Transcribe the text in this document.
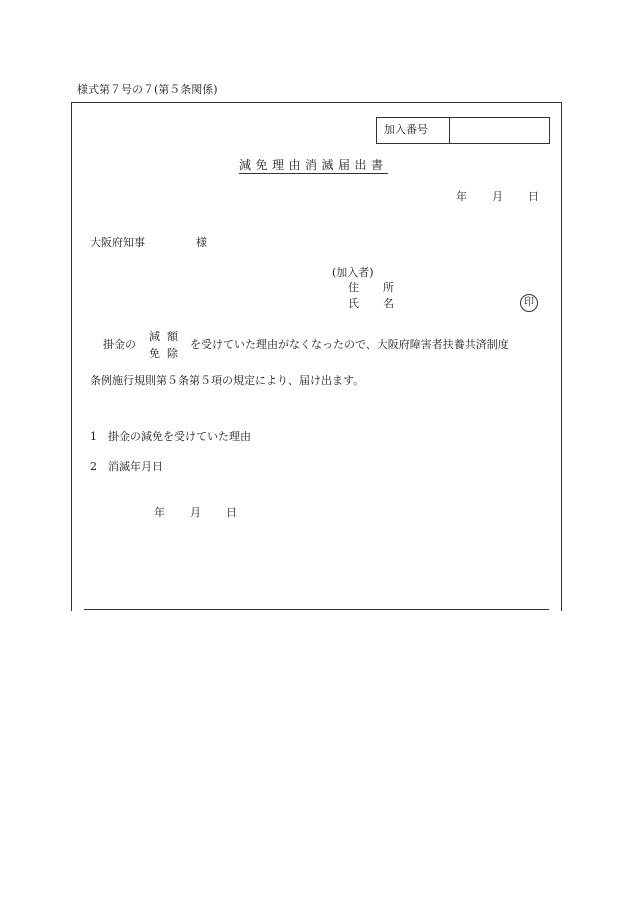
様式第７号の７(第５条関係)
加入番号
減免理由消滅届出書
年 月 日
大阪府知事	様
(加入者)
住 所
氏 名	印
掛金の
減 額
免 除
を受けていた理由がなくなったので、大阪府障害者扶養共済制度
条例施行規則第５条第５項の規定により、届け出ます。
1 掛金の減免を受けていた理由
2 消滅年月日
年 月 日
